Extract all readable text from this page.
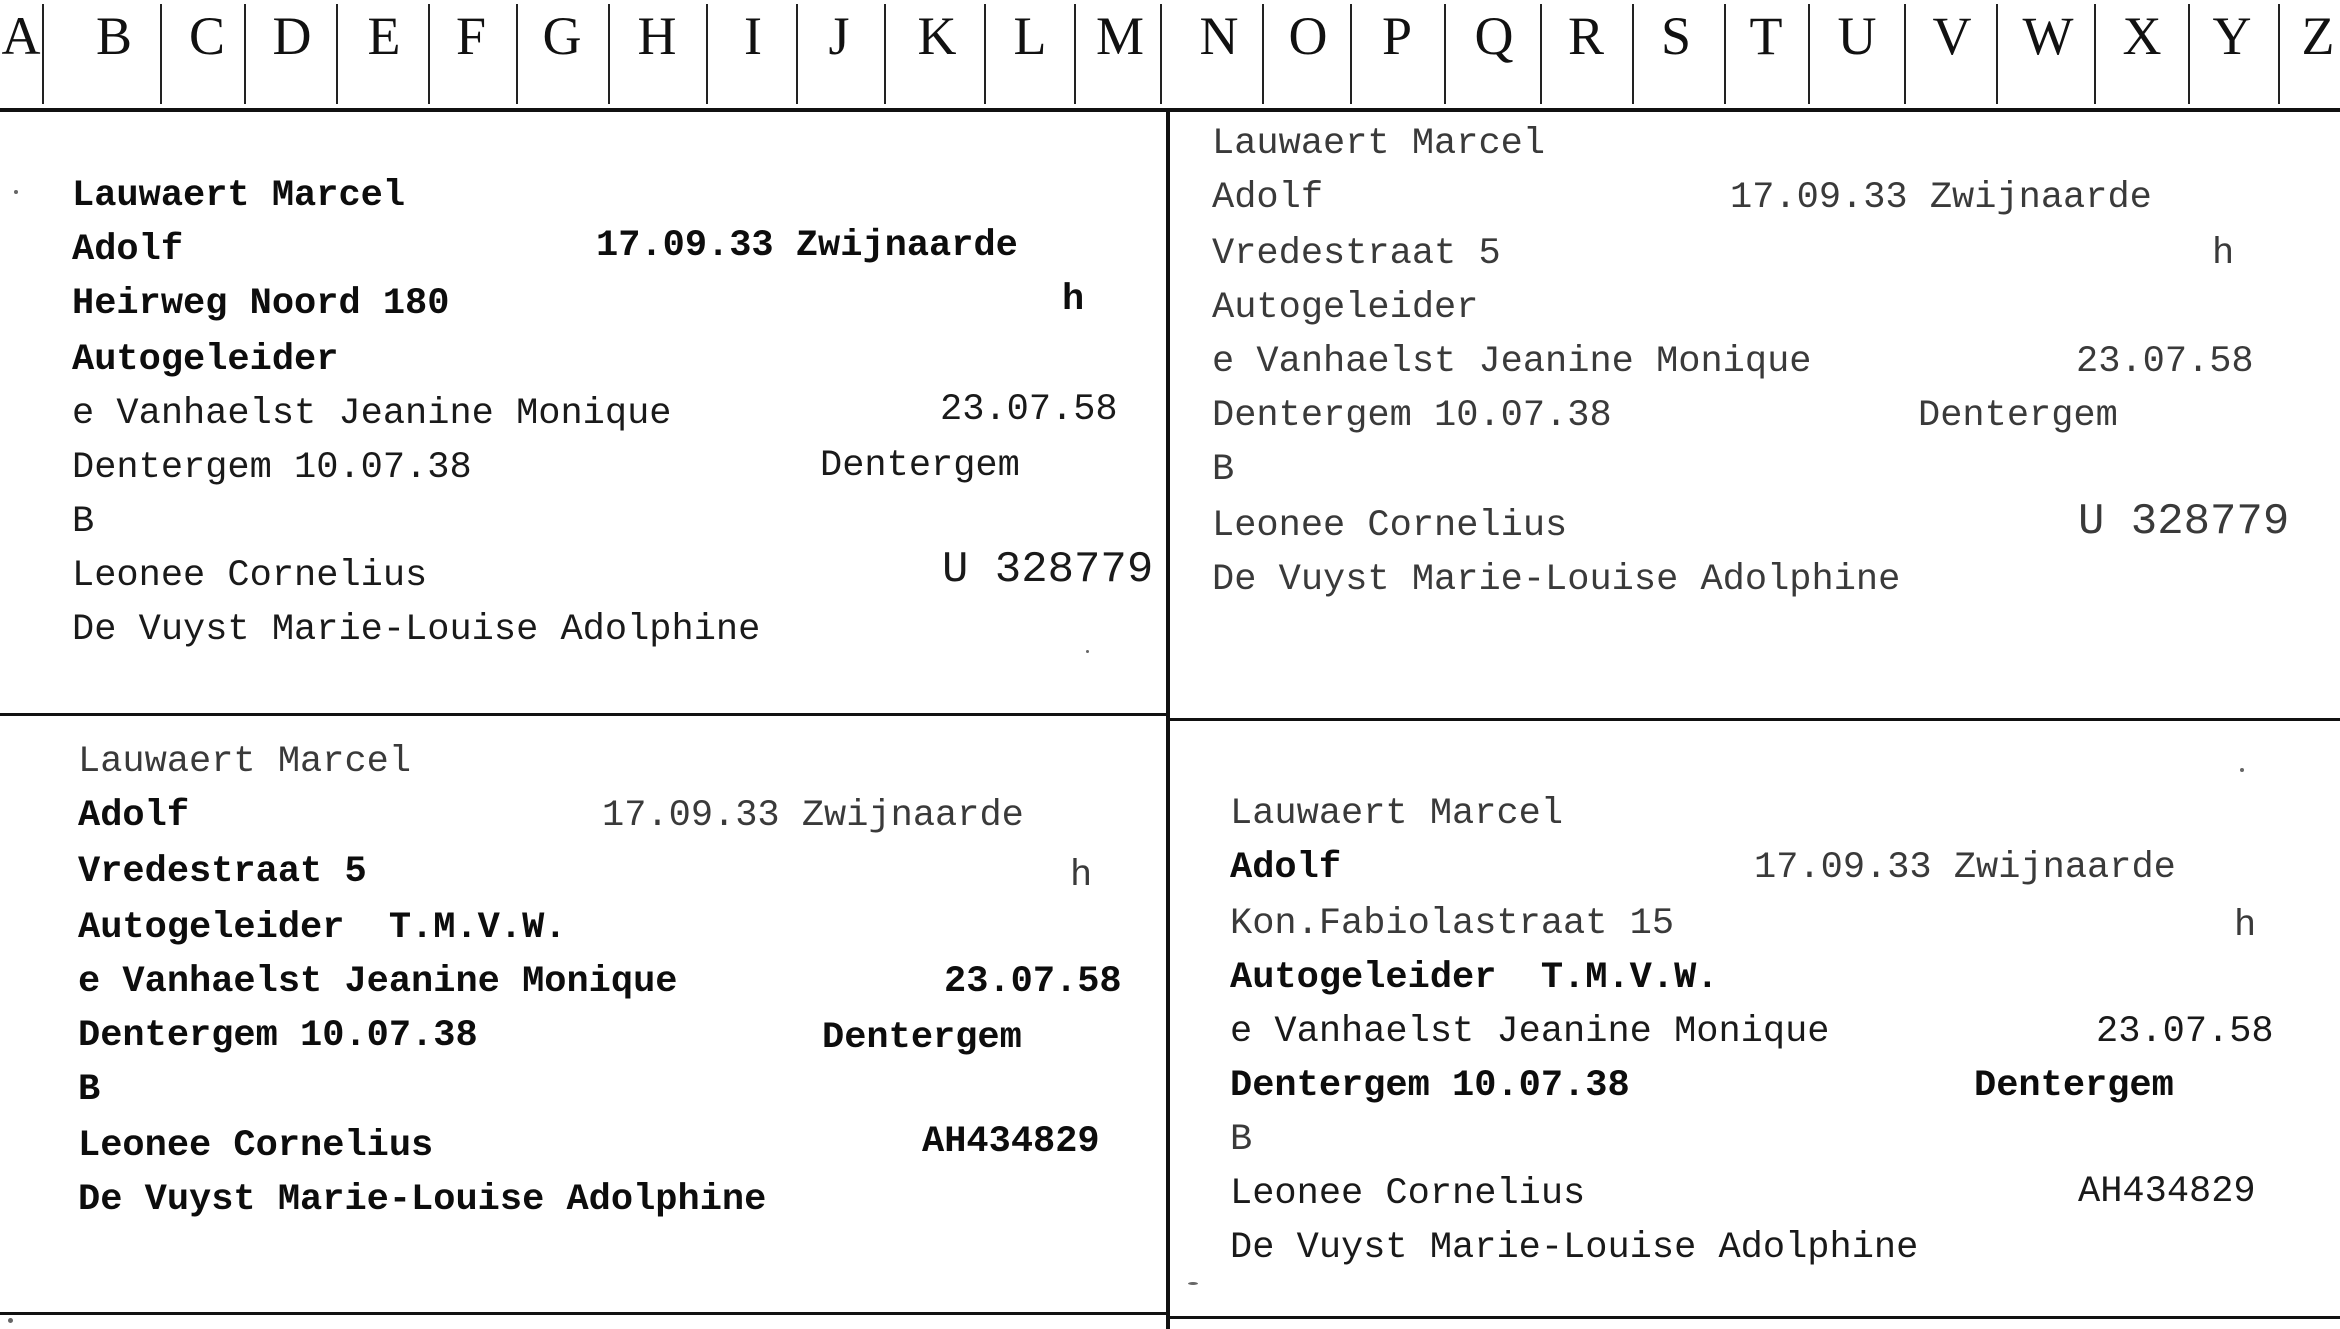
A B	C D	E	F	G	H	I	J	K	L M	N O	P	Q	R	S	T	U	V W X Y Z
Lauwaert Marcel
Adolf	17.09.33 Zwijnaarde
Heirweg Noord 180	h
Autogeleider
e Vanhaelst Jeanine Monique	23.07.58
Dentergem 10.07.38	Dentergem
B
Leonee Cornelius	U 328779
De Vuyst Marie-Louise Adolphine
Lauwaert Marcel
Adolf	17.09.33 Zwijnaarde
Vredestraat 5	h
Autogeleider
e Vanhaelst Jeanine Monique	23.07.58
Dentergem 10.07.38	Dentergem
B
Leonee Cornelius	U 328779
De Vuyst Marie-Louise Adolphine
Lauwaert Marcel
Adolf	17.09.33 Zwijnaarde
Vredestraat 5	h
Autogeleider  T.M.V.W.
e Vanhaelst Jeanine Monique	23.07.58
Dentergem 10.07.38	Dentergem
B
Leonee Cornelius	AH434829
De Vuyst Marie-Louise Adolphine
Lauwaert Marcel
Adolf	17.09.33 Zwijnaarde
Kon.Fabiolastraat 15	h
Autogeleider  T.M.V.W.
e Vanhaelst Jeanine Monique	23.07.58
Dentergem 10.07.38	Dentergem
B
Leonee Cornelius	AH434829
De Vuyst Marie-Louise Adolphine
